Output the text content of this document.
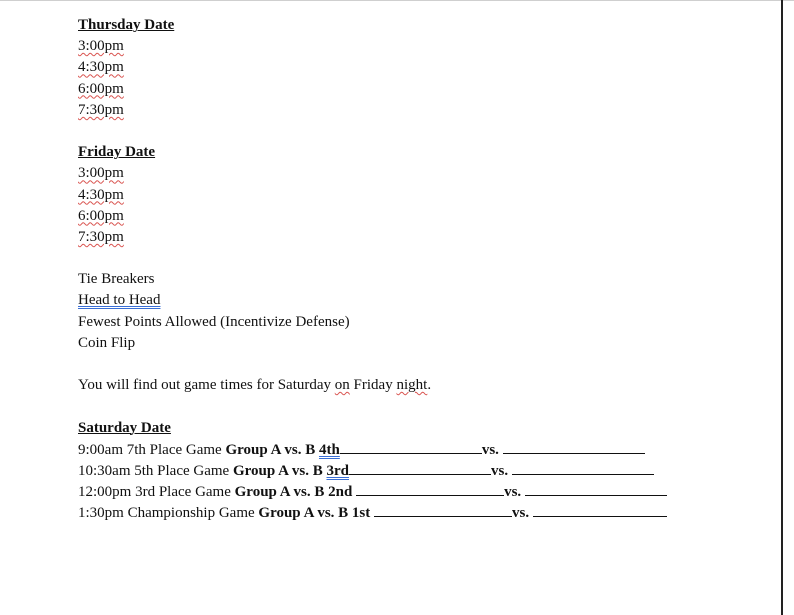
Thursday Date
3:00pm
4:30pm
6:00pm
7:30pm
Friday Date
3:00pm
4:30pm
6:00pm
7:30pm
Tie Breakers
Head to Head
Fewest Points Allowed (Incentivize Defense)
Coin Flip
You will find out game times for Saturday on Friday night.
Saturday Date
9:00am 7th Place Game Group A vs. B 4th	vs.
10:30am 5th Place Game Group A vs. B 3rd	vs.
12:00pm 3rd Place Game Group A vs. B 2nd	vs.
1:30pm Championship Game Group A vs. B 1st	vs.
